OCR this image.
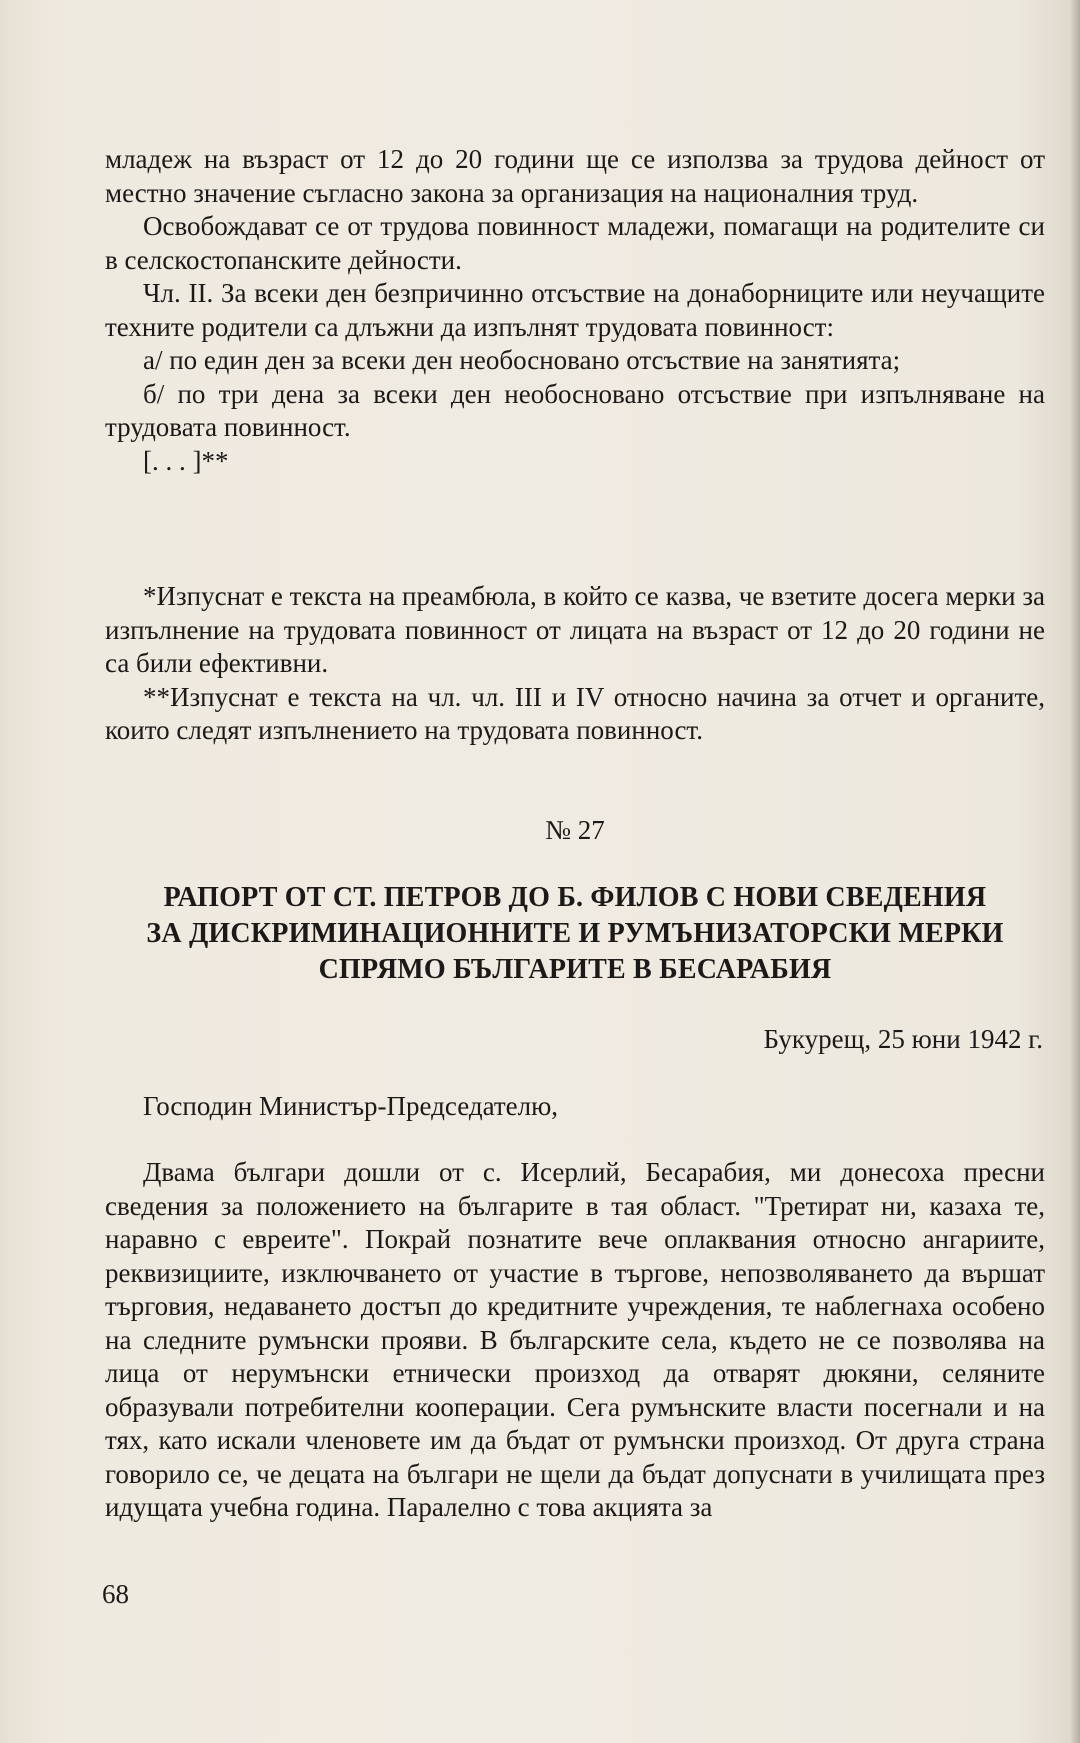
младеж на възраст от 12 до 20 години ще се използва за трудова дейност от местно значение съгласно закона за организация на националния труд.

Освобождават се от трудова повинност младежи, помагащи на родителите си в селскостопанските дейности.

Чл. II. За всеки ден безпричинно отсъствие на донаборниците или неучащите техните родители са длъжни да изпълнят трудовата повинност:

а/ по един ден за всеки ден необосновано отсъствие на занятията;

б/ по три дена за всеки ден необосновано отсъствие при изпълняване на трудовата повинност.

[. . . ]**

*Изпуснат е текста на преамбюла, в който се казва, че взетите досега мерки за изпълнение на трудовата повинност от лицата на възраст от 12 до 20 години не са били ефективни.

**Изпуснат е текста на чл. чл. III и IV относно начина за отчет и органите, които следят изпълнението на трудовата повинност.

№ 27
РАПОРТ ОТ СТ. ПЕТРОВ ДО Б. ФИЛОВ С НОВИ СВЕДЕНИЯ
ЗА ДИСКРИМИНАЦИОННИТЕ И РУМЪНИЗАТОРСКИ МЕРКИ
СПРЯМО БЪЛГАРИТЕ В БЕСАРАБИЯ
Букурещ, 25 юни 1942 г.
Господин Министър-Председателю,

Двама българи дошли от с. Исерлий, Бесарабия, ми донесоха пресни сведения за положението на българите в тая област. "Третират ни, казаха те, наравно с евреите". Покрай познатите вече оплаквания относно ангариите, реквизициите, изключването от участие в търгове, непозволяването да вършат търговия, недаването достъп до кредитните учреждения, те наблегнаха особено на следните румънски прояви. В българските села, където не се позволява на лица от нерумънски етнически произход да отварят дюкяни, селяните образували потребителни кооперации. Сега румънските власти посегнали и на тях, като искали членовете им да бъдат от румънски произход. От друга страна говорило се, че децата на българи не щели да бъдат допуснати в училищата през идущата учебна година. Паралелно с това акцията за

68
